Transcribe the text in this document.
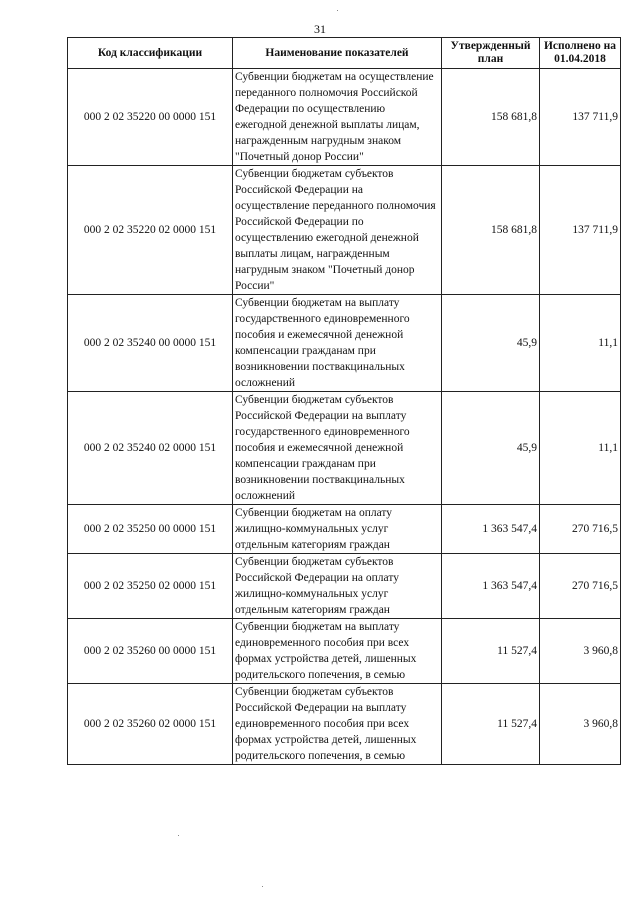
31
Код классификации	Наименование показателей	Утвержденный план	Исполнено на 01.04.2018
000 2 02 35220 00 0000 151	Субвенции бюджетам на осуществление переданного полномочия Российской Федерации по осуществлению ежегодной денежной выплаты лицам, награжденным нагрудным знаком "Почетный донор России"	158 681,8	137 711,9
000 2 02 35220 02 0000 151	Субвенции бюджетам субъектов Российской Федерации на осуществление переданного полномочия Российской Федерации по осуществлению ежегодной денежной выплаты лицам, награжденным нагрудным знаком "Почетный донор России"	158 681,8	137 711,9
000 2 02 35240 00 0000 151	Субвенции бюджетам на выплату государственного единовременного пособия и ежемесячной денежной компенсации гражданам при возникновении поствакцинальных осложнений	45,9	11,1
000 2 02 35240 02 0000 151	Субвенции бюджетам субъектов Российской Федерации на выплату государственного единовременного пособия и ежемесячной денежной компенсации гражданам при возникновении поствакцинальных осложнений	45,9	11,1
000 2 02 35250 00 0000 151	Субвенции бюджетам на оплату жилищно-коммунальных услуг отдельным категориям граждан	1 363 547,4	270 716,5
000 2 02 35250 02 0000 151	Субвенции бюджетам субъектов Российской Федерации на оплату жилищно-коммунальных услуг отдельным категориям граждан	1 363 547,4	270 716,5
000 2 02 35260 00 0000 151	Субвенции бюджетам на выплату единовременного пособия при всех формах устройства детей, лишенных родительского попечения, в семью	11 527,4	3 960,8
000 2 02 35260 02 0000 151	Субвенции бюджетам субъектов Российской Федерации на выплату единовременного пособия при всех формах устройства детей, лишенных родительского попечения, в семью	11 527,4	3 960,8
